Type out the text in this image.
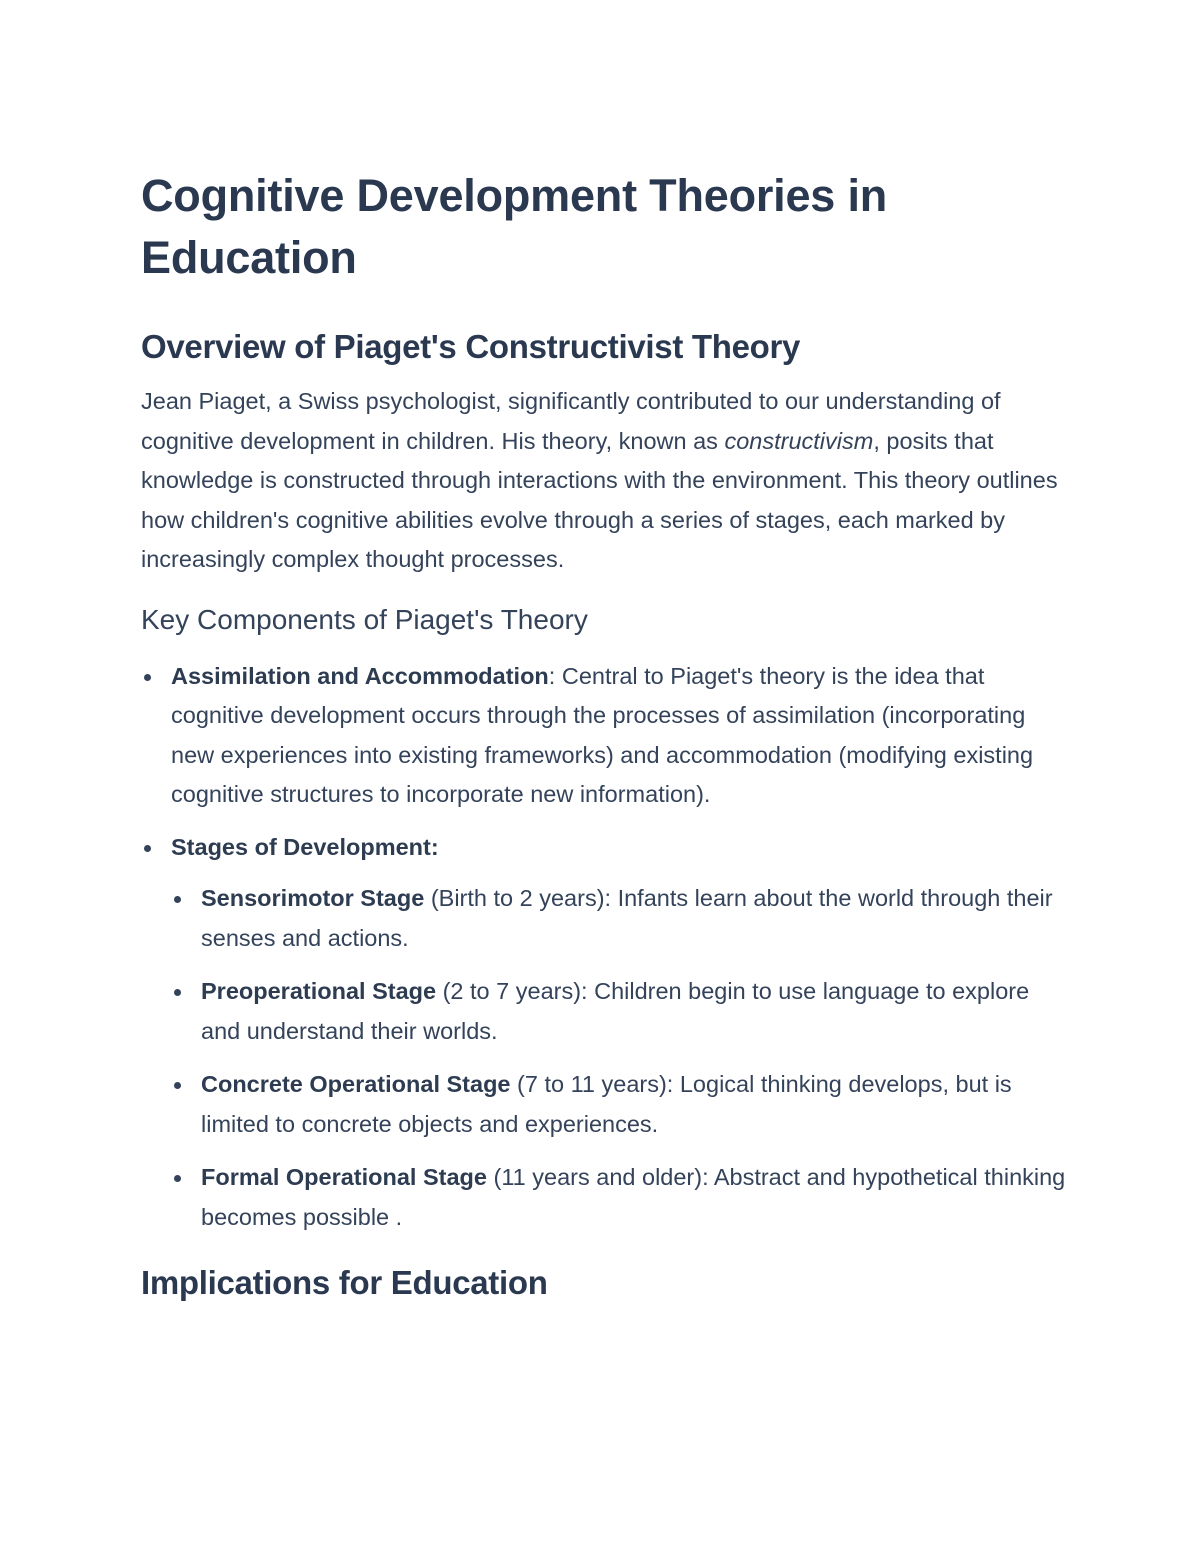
Cognitive Development Theories in Education
Overview of Piaget's Constructivist Theory

Jean Piaget, a Swiss psychologist, significantly contributed to our understanding of cognitive development in children. His theory, known as constructivism, posits that knowledge is constructed through interactions with the environment. This theory outlines how children's cognitive abilities evolve through a series of stages, each marked by increasingly complex thought processes.

Key Components of Piaget's Theory
Assimilation and Accommodation: Central to Piaget's theory is the idea that cognitive development occurs through the processes of assimilation (incorporating new experiences into existing frameworks) and accommodation (modifying existing cognitive structures to incorporate new information).
Stages of Development:
Sensorimotor Stage (Birth to 2 years): Infants learn about the world through their senses and actions.
Preoperational Stage (2 to 7 years): Children begin to use language to explore and understand their worlds.
Concrete Operational Stage (7 to 11 years): Logical thinking develops, but is limited to concrete objects and experiences.
Formal Operational Stage (11 years and older): Abstract and hypothetical thinking becomes possible .
Implications for Education
